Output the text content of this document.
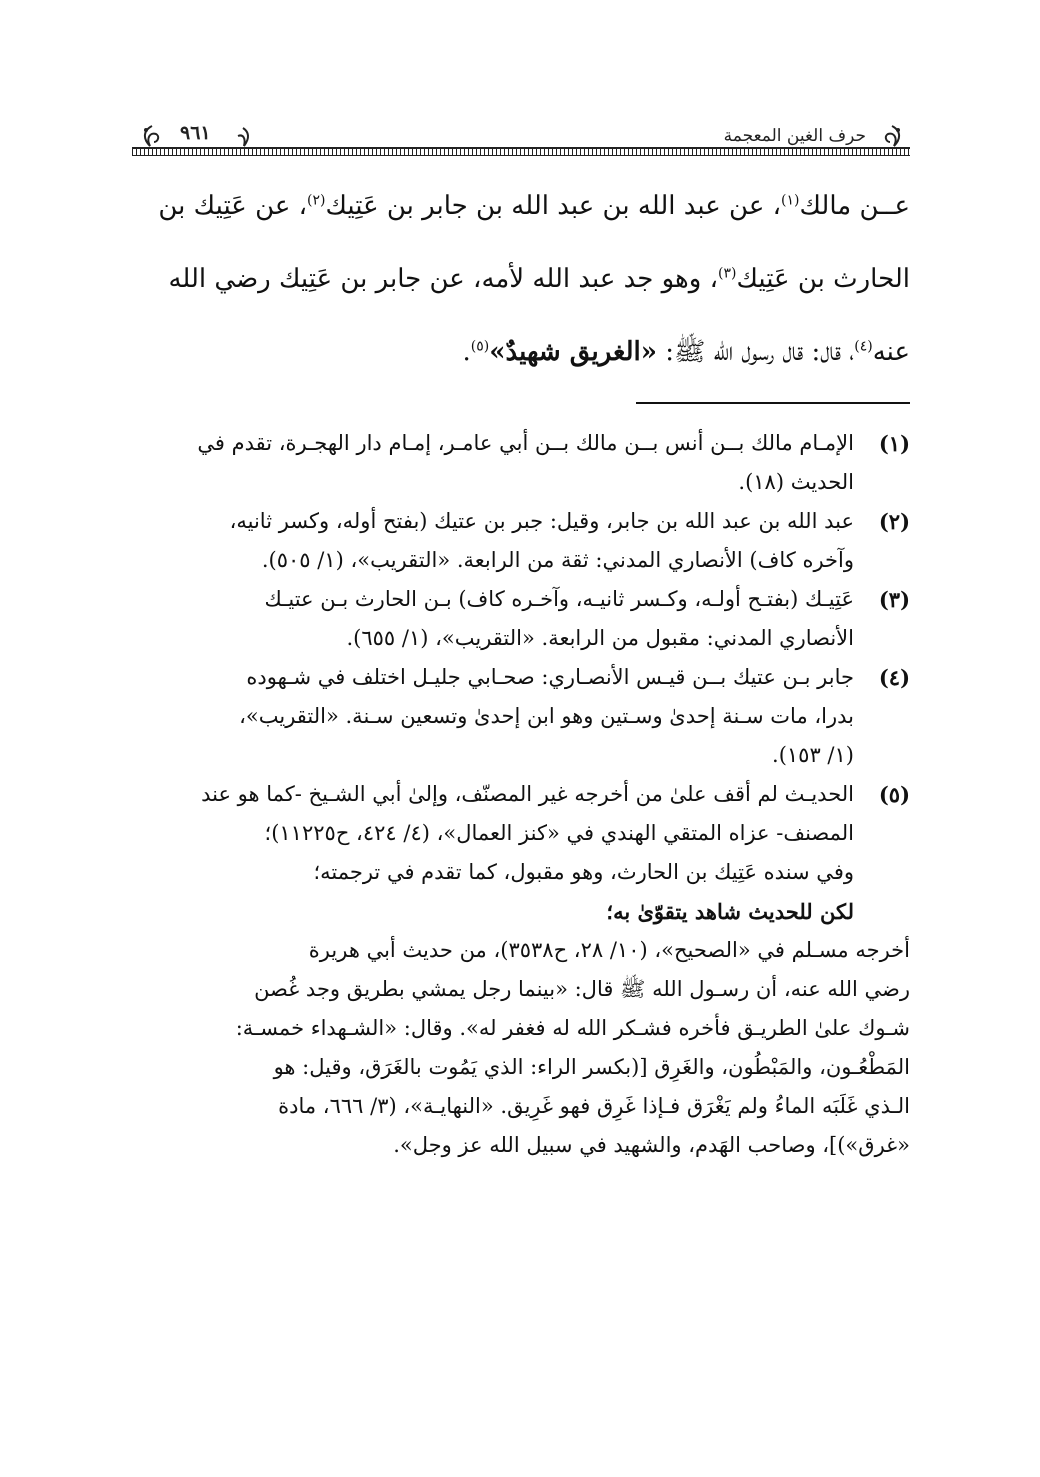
حرف الغين المعجمة
٩٦١

عــن مالك$^{(١)}$، عن عبد الله بن عبد الله بن جابر بن عَتِيك$^{(٢)}$، عن عَتِيك بن

الحارث بن عَتِيك$^{(٣)}$، وهو جد عبد الله لأمه، عن جابر بن عَتِيك رضي الله

عنه$^{(٤)}$، قال: قال رسول الله ﷺ: «الغريق شهيدٌ»$^{(٥)}$.

(١)

الإمـام مالك بــن أنس بــن مالك بــن أبي عامـر، إمـام دار الهجـرة، تقدم في

الحديث (١٨).

(٢)

عبد الله بن عبد الله بن جابر، وقيل: جبر بن عتيك (بفتح أوله، وكسر ثانيه،

وآخره كاف) الأنصاري المدني: ثقة من الرابعة. «التقريب»، (١/ ٥٠٥).

(٣)

عَتِيـك (بفتـح أولـه، وكـسر ثانيـه، وآخـره كاف) بـن الحارث بـن عتيـك

الأنصاري المدني: مقبول من الرابعة. «التقريب»، (١/ ٦٥٥).

(٤)

جابر بـن عتيك بــن قيـس الأنصـاري: صحـابي جليـل اختلف في شـهوده

بدرا، مات سـنة إحدىٰ وسـتين وهو ابن إحدىٰ وتسعين سـنة. «التقريب»،

(١/ ١٥٣).

(٥)

الحديـث لم أقف علىٰ من أخرجه غير المصنّف، وإلىٰ أبي الشـيخ -كما هو عند

المصنف- عزاه المتقي الهندي في «كنز العمال»، (٤/ ٤٢٤، ح١١٢٢٥)؛

وفي سنده عَتِيك بن الحارث، وهو مقبول، كما تقدم في ترجمته؛

لكن للحديث شاهد يتقوّىٰ به؛

أخرجه مسـلم في «الصحيح»، (١٠/ ٢٨، ح٣٥٣٨)، من حديث أبي هريرة

رضي الله عنه، أن رسـول الله ﷺ قال: «بينما رجل يمشي بطريق وجد غُصن

شـوك علىٰ الطريـق فأخره فشـكر الله له فغفر له». وقال: «الشـهداء خمسـة:

المَطْعُـون، والمَبْطُون، والغَرِق [(بكسر الراء: الذي يَمُوت بالغَرَق، وقيل: هو

الـذي غَلَبَه الماءُ ولم يَغْرَق فـإذا غَرِق فهو غَرِيق. «النهايـة»، (٣/ ٦٦٦، مادة

«غرق»)]، وصاحب الهَدم، والشهيد في سبيل الله عز وجل».
